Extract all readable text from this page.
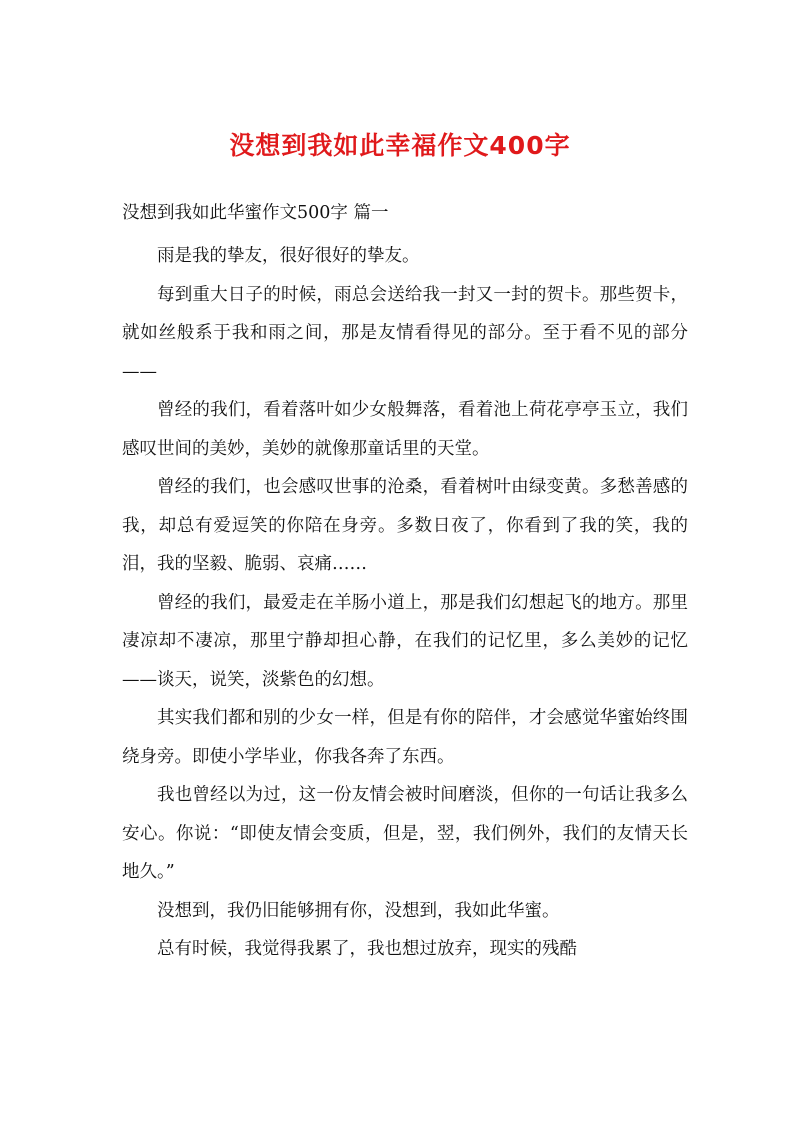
没想到我如此幸福作文400字
没想到我如此华蜜作文500字 篇一

雨是我的挚友，很好很好的挚友。

每到重大日子的时候，雨总会送给我一封又一封的贺卡。那些贺卡，就如丝般系于我和雨之间，那是友情看得见的部分。至于看不见的部分——

曾经的我们，看着落叶如少女般舞落，看着池上荷花亭亭玉立，我们感叹世间的美妙，美妙的就像那童话里的天堂。

曾经的我们，也会感叹世事的沧桑，看着树叶由绿变黄。多愁善感的我，却总有爱逗笑的你陪在身旁。多数日夜了，你看到了我的笑，我的泪，我的坚毅、脆弱、哀痛……

曾经的我们，最爱走在羊肠小道上，那是我们幻想起飞的地方。那里凄凉却不凄凉，那里宁静却担心静，在我们的记忆里，多么美妙的记忆——谈天，说笑，淡紫色的幻想。

其实我们都和别的少女一样，但是有你的陪伴，才会感觉华蜜始终围绕身旁。即使小学毕业，你我各奔了东西。

我也曾经以为过，这一份友情会被时间磨淡，但你的一句话让我多么安心。你说：“即使友情会变质，但是，翌，我们例外，我们的友情天长地久。”

没想到，我仍旧能够拥有你，没想到，我如此华蜜。

总有时候，我觉得我累了，我也想过放弃，现实的残酷
